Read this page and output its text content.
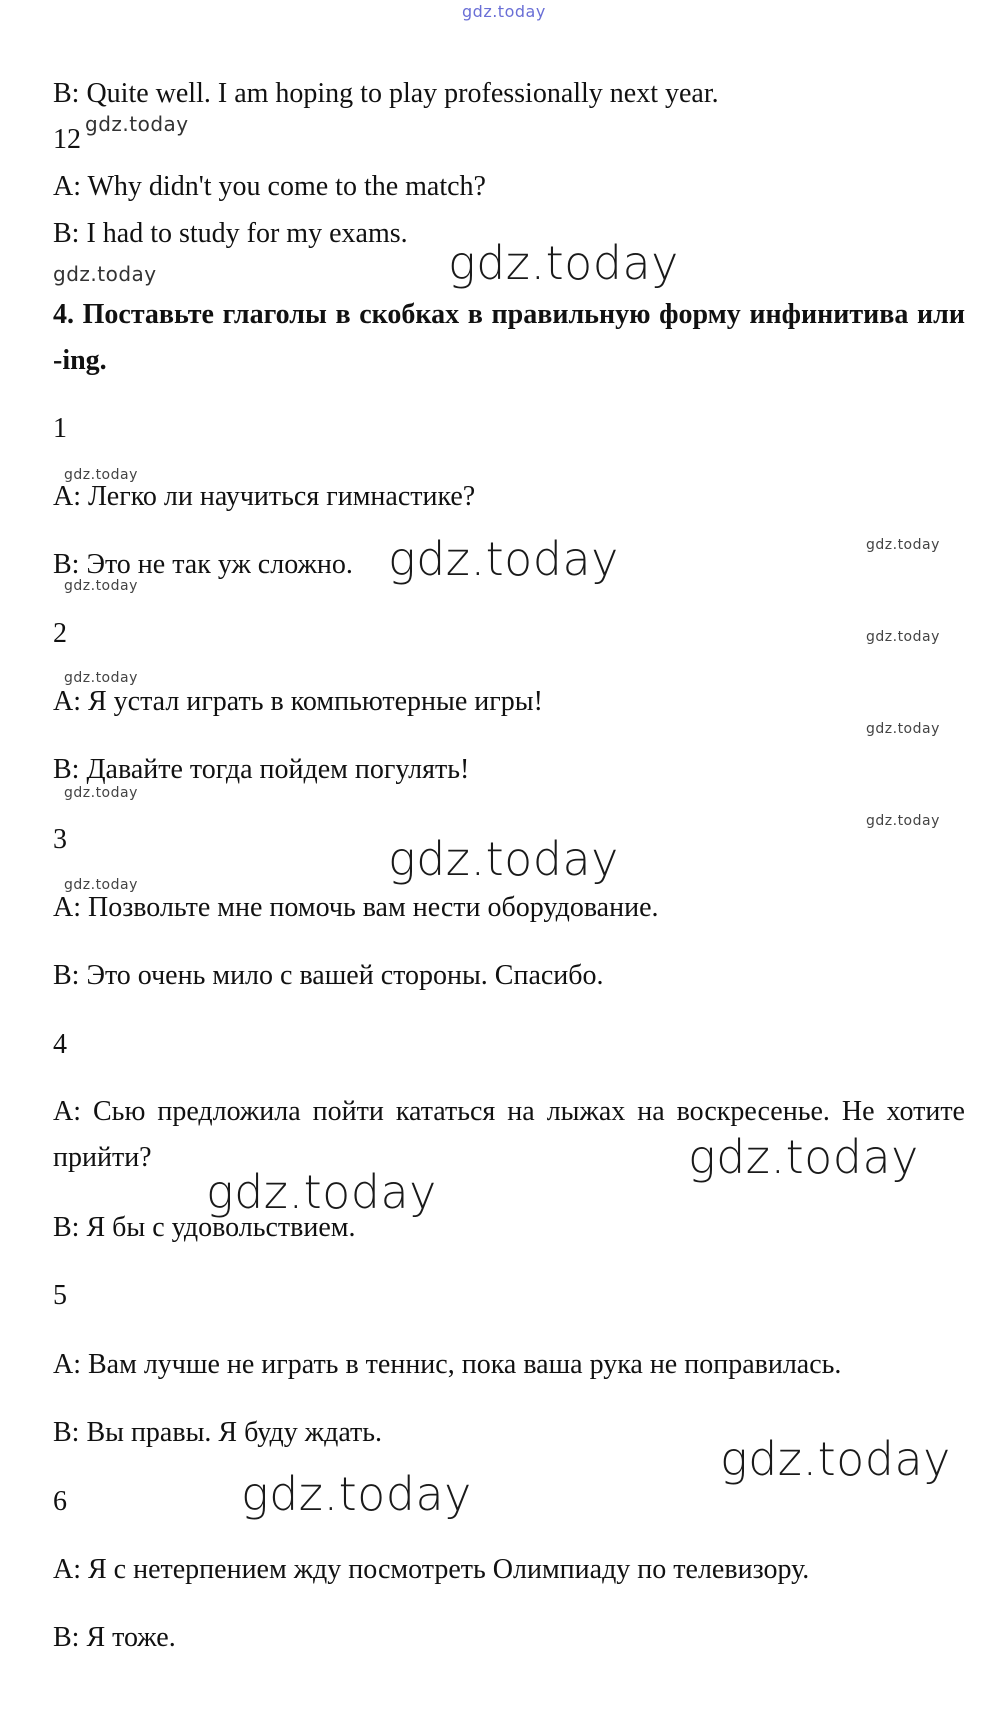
gdz.today
B: Quite well. I am hoping to play professionally next year.
12 gdz.today
A: Why didn't you come to the match?
B: I had to study for my exams.
gdz.today	gdz.today
4. Поставьте глаголы в скобках в правильную форму инфинитива или -ing.
1
gdz.today
A: Легко ли научиться гимнастике?
B: Это не так уж сложно. gdz.today	gdz.today
gdz.today
2	gdz.today
gdz.today
A: Я устал играть в компьютерные игры!
gdz.today
B: Давайте тогда пойдем погулять!
gdz.today
gdz.today
3	gdz.today
gdz.today
A: Позвольте мне помочь вам нести оборудование.
B: Это очень мило с вашей стороны. Спасибо.
4
A: Сью предложила пойти кататься на лыжах на воскресенье. Не хотите прийти?	gdz.today
gdz.today
B: Я бы с удовольствием.
5
A: Вам лучше не играть в теннис, пока ваша рука не поправилась.
B: Вы правы. Я буду ждать.	gdz.today
gdz.today
6
A: Я с нетерпением жду посмотреть Олимпиаду по телевизору.
B: Я тоже.
